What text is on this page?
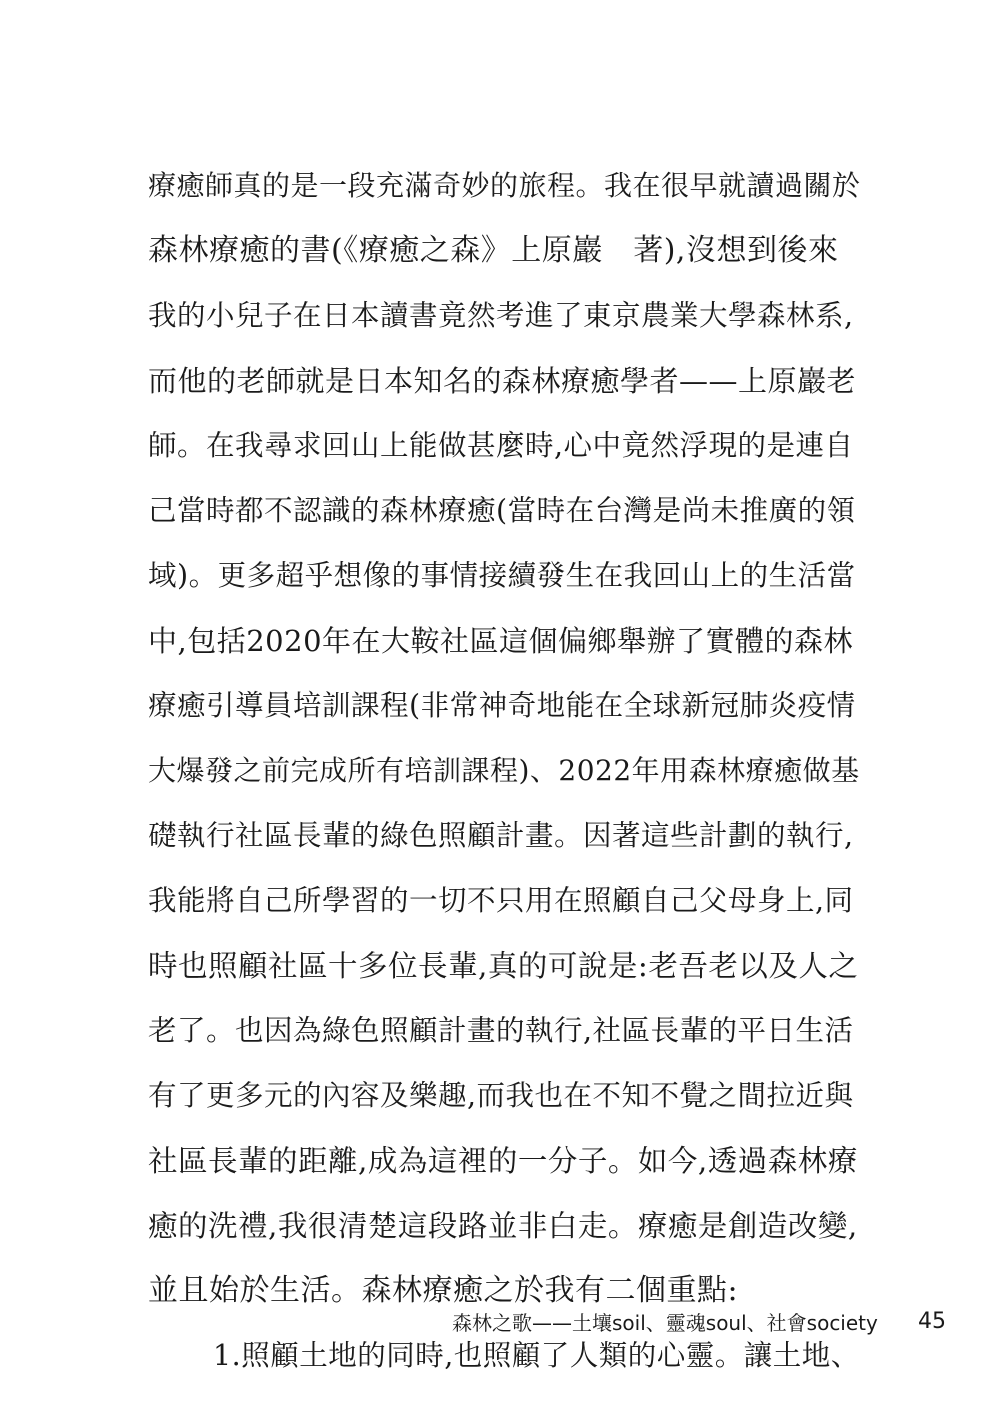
療癒師真的是一段充滿奇妙的旅程。我在很早就讀過關於
森林療癒的書(《療癒之森》上原巖　著),沒想到後來
我的小兒子在日本讀書竟然考進了東京農業大學森林系,
而他的老師就是日本知名的森林療癒學者——上原巖老
師。在我尋求回山上能做甚麼時,心中竟然浮現的是連自
己當時都不認識的森林療癒(當時在台灣是尚未推廣的領
域)。更多超乎想像的事情接續發生在我回山上的生活當
中,包括2020年在大鞍社區這個偏鄉舉辦了實體的森林
療癒引導員培訓課程(非常神奇地能在全球新冠肺炎疫情
大爆發之前完成所有培訓課程)、2022年用森林療癒做基
礎執行社區長輩的綠色照顧計畫。因著這些計劃的執行,
我能將自己所學習的一切不只用在照顧自己父母身上,同
時也照顧社區十多位長輩,真的可說是:老吾老以及人之
老了。也因為綠色照顧計畫的執行,社區長輩的平日生活
有了更多元的內容及樂趣,而我也在不知不覺之間拉近與
社區長輩的距離,成為這裡的一分子。如今,透過森林療
癒的洗禮,我很清楚這段路並非白走。療癒是創造改變,
並且始於生活。森林療癒之於我有二個重點:
1.照顧土地的同時,也照顧了人類的心靈。讓土地、
森林之歌——土壤soil、靈魂soul、社會society 45
